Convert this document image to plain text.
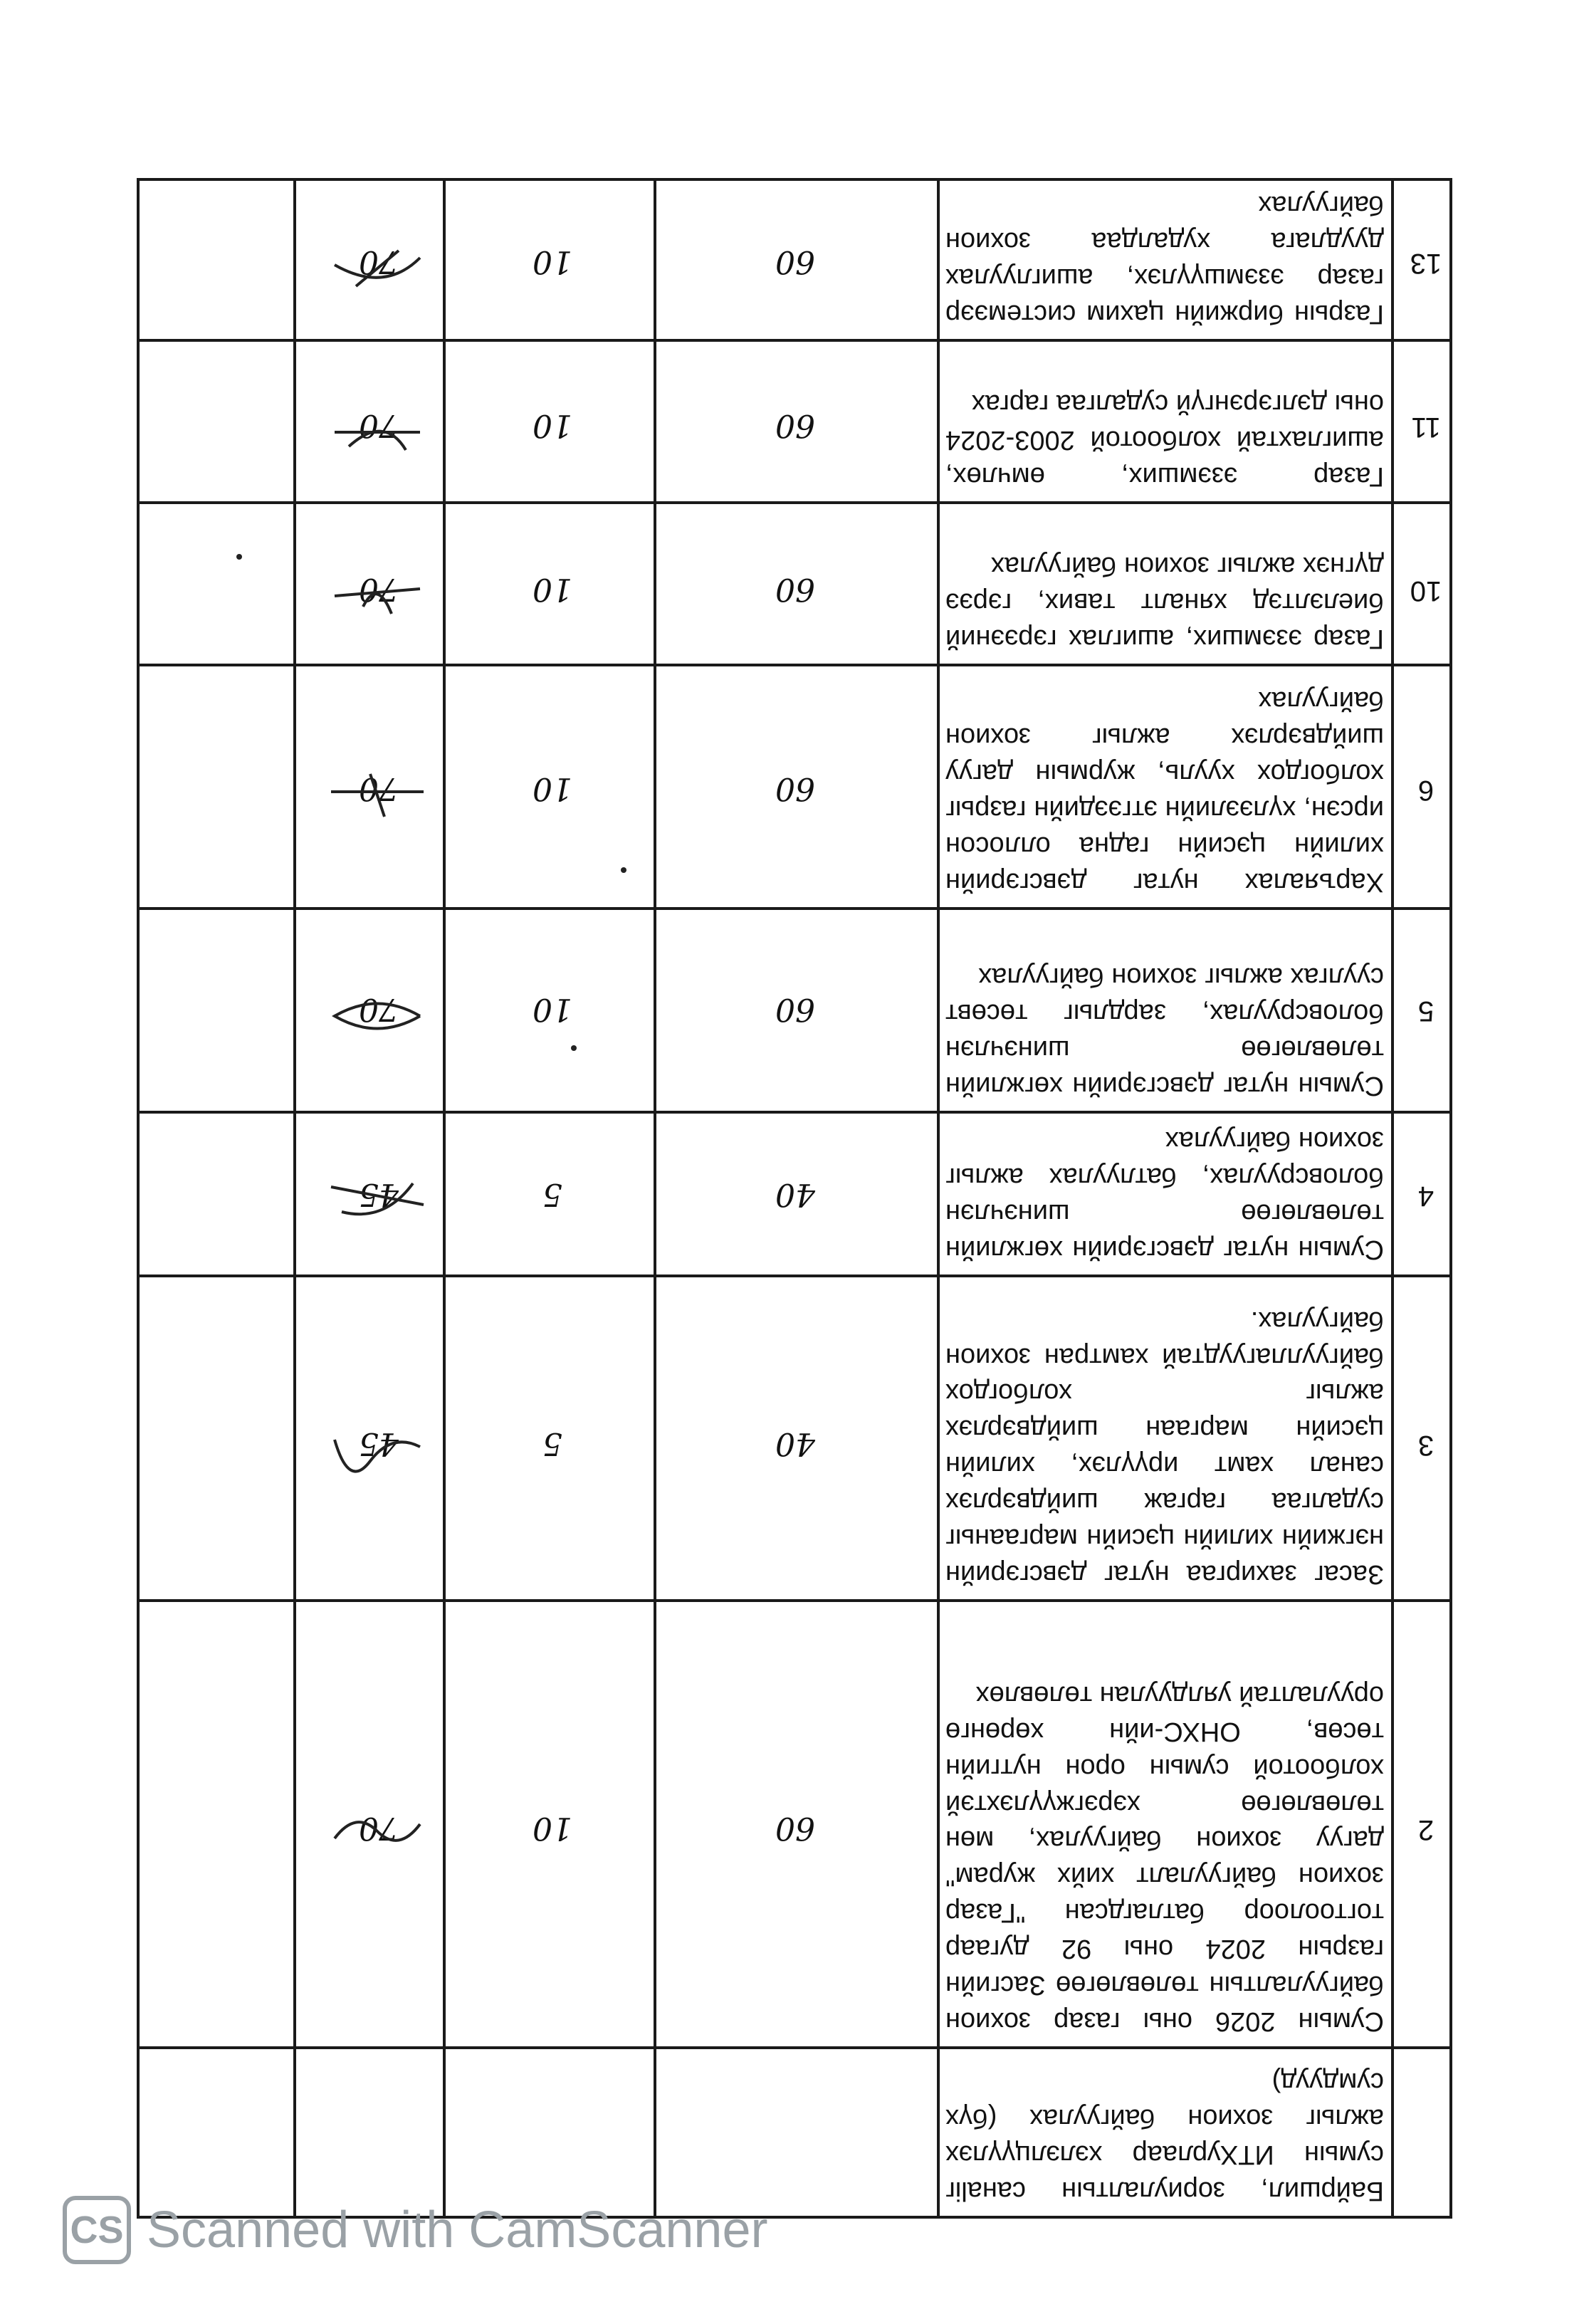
Байршил, зориулалтын санаliг сумын ИТХурлаар хэлэлцүүлэх ажлыг зохион байгуулах (бүх сумдууд)
2
Сумын 2026 оны газар зохион байгуулалтын төлөвлөгөө Засгийн газрын 2024 оны 92 дугаар тогтоолоор батлагдсан "Газар зохион байгуулалт хийх журам" дагуу зохион байгуулах, мөн төлөвлөгөө хэрэгжүүлэхтэй холбоотой сумын орон нутгийн төсөв, ОНХС-ийн хөрөнгө оруулалтай уялдуулан төлөвлөх
60
10
70
3
Засаг захиргаа нутаг дэвсгэрийн нэгжийн хилийн цэсийн маргааныг судалгаа гаргаж шийдвэрлэх санал хамт ирүүлэх, хилийн цэсийн маргаан шийдвэрлэх ажлыг холбогдох байгууллагуудтай хамтран зохион байгуулах.
40
5
45
4
Сумын нутаг дэвсгэрийн хөгжлийн төлөвлөгөө шинэчлэн боловсруулах, батлуулах ажлыг зохион байгуулах
40
5
45
5
Сумын нутаг дэвсгэрийн хөгжлийн төлөвлөгөө шинэчлэн боловсруулах, зардлыг төсөвт суулгах ажлыг зохион байгуулах
60
10
70
6
Харъяалах нутаг дэвсгэрийн хилийн цэсийн гадна оллосон ирсэн, хүлээлийн этгээдийн газрыг холбогдох хууль, журмын дагуу шийдвэрлэх ажлыг зохион байгуулах
60
10
70
10
Газар эзэмших, ашиглах гэрээний биелэлтэд хяналт тавих, гэрээ дүгнэх ажлыг зохион байгуулах
60
10
70
11
Газар эзэмших, өмчлөх, ашиглахтай холбоотой 2003-2024 оны дэлгэрэнгүй судалгаа гаргах
60
10
70
13
Газрын биржийн цахим системээр газар эзэмшүүлэх, ашиглуулах дуудлага худалдаа зохион байгуулах
60
10
70
CS Scanned with CamScanner
